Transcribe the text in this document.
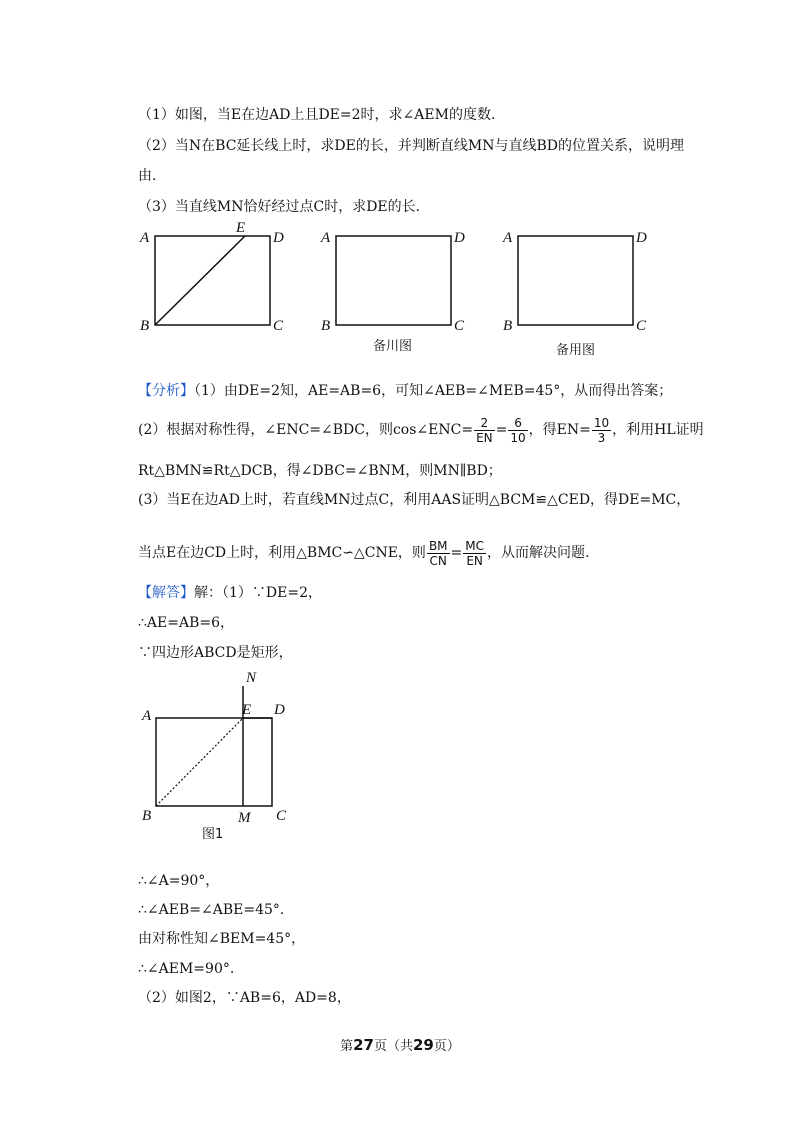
（1）如图，当E在边AD上且DE=2时，求∠AEM的度数．
（2）当N在BC延长线上时，求DE的长，并判断直线MN与直线BD的位置关系，说明理
由．
（3）当直线MN恰好经过点C时，求DE的长．
A
E
D
B	C
A	D
B	C
备川图
A	D
B	C
备用图
【分析】（1）由DE=2知，AE=AB=6，可知∠AEB=∠MEB=45°，从而得出答案；
(2）根据对称性得，∠ENC=∠BDC，则cos∠ENC= $\frac{2}{EN} = \frac{6}{10}$ ，得$EN= \frac{10}{3}$ ，利用HL证明
Rt△BMN≌Rt△DCB，得∠DBC=∠BNM，则MN∥BD；
(3）当E在边AD上时，若直线MN过点C，利用AAS证明△BCM≌△CED，得DE=MC，
当点E在边CD上时，利用△BMC∽△CNE，则 $\frac{BM}{CN} = \frac{MC}{EN}$ ，从而解决问题.
【解答】解：（1）∵DE=2，
∴AE=AB=6，
∵四边形ABCD是矩形，
N
A	E D
B	M C
图1
∴∠A=90°，
∴∠AEB=∠ABE=45°.
由对称性知∠BEM=45°，
∴∠AEM=90°.
（2）如图2，∵AB=6，AD=8，
第27页（共29页）
